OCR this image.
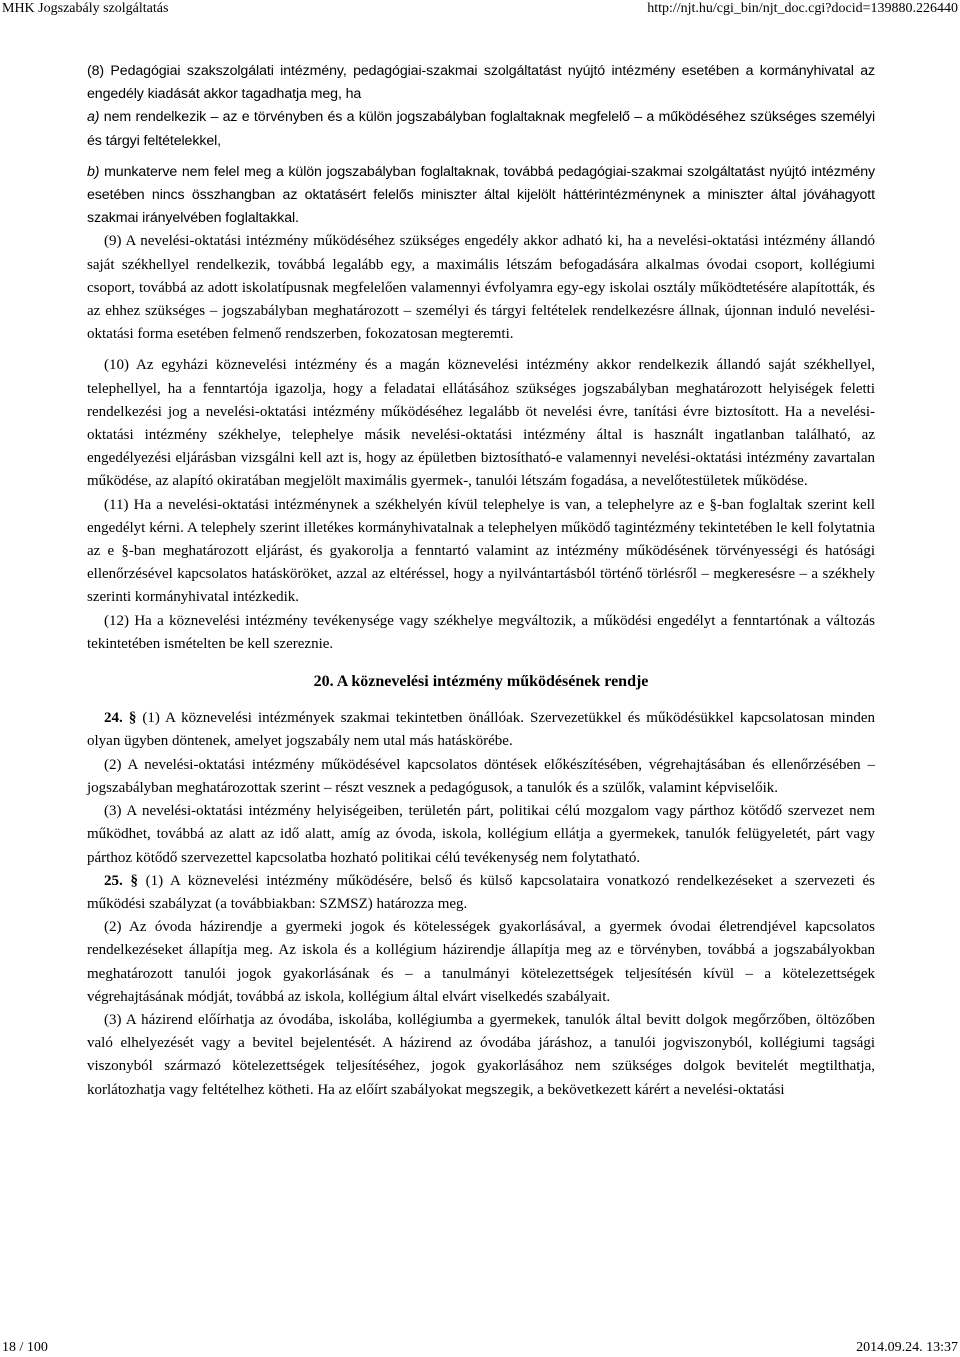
MHK Jogszabály szolgáltatás	http://njt.hu/cgi_bin/njt_doc.cgi?docid=139880.226440

(8) Pedagógiai szakszolgálati intézmény, pedagógiai-szakmai szolgáltatást nyújtó intézmény esetében a kormányhivatal az engedély kiadását akkor tagadhatja meg, ha

a) nem rendelkezik – az e törvényben és a külön jogszabályban foglaltaknak megfelelő – a működéséhez szükséges személyi és tárgyi feltételekkel,

b) munkaterve nem felel meg a külön jogszabályban foglaltaknak, továbbá pedagógiai-szakmai szolgáltatást nyújtó intézmény esetében nincs összhangban az oktatásért felelős miniszter által kijelölt háttérintézménynek a miniszter által jóváhagyott szakmai irányelvében foglaltakkal.

(9) A nevelési-oktatási intézmény működéséhez szükséges engedély akkor adható ki, ha a nevelési-oktatási intézmény állandó saját székhellyel rendelkezik, továbbá legalább egy, a maximális létszám befogadására alkalmas óvodai csoport, kollégiumi csoport, továbbá az adott iskolatípusnak megfelelően valamennyi évfolyamra egy-egy iskolai osztály működtetésére alapították, és az ehhez szükséges – jogszabályban meghatározott – személyi és tárgyi feltételek rendelkezésre állnak, újonnan induló nevelési-oktatási forma esetében felmenő rendszerben, fokozatosan megteremti.

(10) Az egyházi köznevelési intézmény és a magán köznevelési intézmény akkor rendelkezik állandó saját székhellyel, telephellyel, ha a fenntartója igazolja, hogy a feladatai ellátásához szükséges jogszabályban meghatározott helyiségek feletti rendelkezési jog a nevelési-oktatási intézmény működéséhez legalább öt nevelési évre, tanítási évre biztosított. Ha a nevelési-oktatási intézmény székhelye, telephelye másik nevelési-oktatási intézmény által is használt ingatlanban található, az engedélyezési eljárásban vizsgálni kell azt is, hogy az épületben biztosítható-e valamennyi nevelési-oktatási intézmény zavartalan működése, az alapító okiratában megjelölt maximális gyermek-, tanulói létszám fogadása, a nevelőtestületek működése.

(11) Ha a nevelési-oktatási intézménynek a székhelyén kívül telephelye is van, a telephelyre az e §-ban foglaltak szerint kell engedélyt kérni. A telephely szerint illetékes kormányhivatalnak a telephelyen működő tagintézmény tekintetében le kell folytatnia az e §-ban meghatározott eljárást, és gyakorolja a fenntartó valamint az intézmény működésének törvényességi és hatósági ellenőrzésével kapcsolatos hatásköröket, azzal az eltéréssel, hogy a nyilvántartásból történő törlésről – megkeresésre – a székhely szerinti kormányhivatal intézkedik.

(12) Ha a köznevelési intézmény tevékenysége vagy székhelye megváltozik, a működési engedélyt a fenntartónak a változás tekintetében ismételten be kell szereznie.

20. A köznevelési intézmény működésének rendje

24. § (1) A köznevelési intézmények szakmai tekintetben önállóak. Szervezetükkel és működésükkel kapcsolatosan minden olyan ügyben döntenek, amelyet jogszabály nem utal más hatáskörébe.

(2) A nevelési-oktatási intézmény működésével kapcsolatos döntések előkészítésében, végrehajtásában és ellenőrzésében – jogszabályban meghatározottak szerint – részt vesznek a pedagógusok, a tanulók és a szülők, valamint képviselőik.

(3) A nevelési-oktatási intézmény helyiségeiben, területén párt, politikai célú mozgalom vagy párthoz kötődő szervezet nem működhet, továbbá az alatt az idő alatt, amíg az óvoda, iskola, kollégium ellátja a gyermekek, tanulók felügyeletét, párt vagy párthoz kötődő szervezettel kapcsolatba hozható politikai célú tevékenység nem folytatható.

25. § (1) A köznevelési intézmény működésére, belső és külső kapcsolataira vonatkozó rendelkezéseket a szervezeti és működési szabályzat (a továbbiakban: SZMSZ) határozza meg.

(2) Az óvoda házirendje a gyermeki jogok és kötelességek gyakorlásával, a gyermek óvodai életrendjével kapcsolatos rendelkezéseket állapítja meg. Az iskola és a kollégium házirendje állapítja meg az e törvényben, továbbá a jogszabályokban meghatározott tanulói jogok gyakorlásának és – a tanulmányi kötelezettségek teljesítésén kívül – a kötelezettségek végrehajtásának módját, továbbá az iskola, kollégium által elvárt viselkedés szabályait.

(3) A házirend előírhatja az óvodába, iskolába, kollégiumba a gyermekek, tanulók által bevitt dolgok megőrzőben, öltözőben való elhelyezését vagy a bevitel bejelentését. A házirend az óvodába járáshoz, a tanulói jogviszonyból, kollégiumi tagsági viszonyból származó kötelezettségek teljesítéséhez, jogok gyakorlásához nem szükséges dolgok bevitelét megtilthatja, korlátozhatja vagy feltételhez kötheti. Ha az előírt szabályokat megszegik, a bekövetkezett kárért a nevelési-oktatási

18 / 100	2014.09.24. 13:37
